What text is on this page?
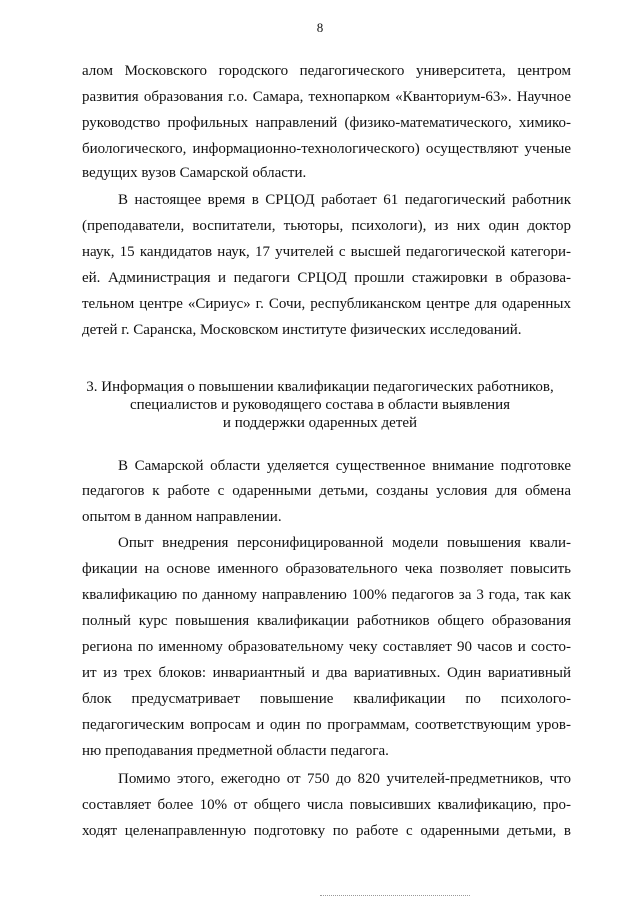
8
алом Московского городского педагогического университета, центром
развития образования г.о. Самара, технопарком «Кванториум-63». Научное
руководство профильных направлений (физико-математического, химико-
биологического, информационно-технологического) осуществляют ученые
ведущих вузов Самарской области.
В настоящее время в СРЦОД работает 61 педагогический работник
(преподаватели, воспитатели, тьюторы, психологи), из них один доктор
наук, 15 кандидатов наук, 17 учителей с высшей педагогической категори-
ей. Администрация и педагоги СРЦОД прошли стажировки в образова-
тельном центре «Сириус» г. Сочи, республиканском центре для одаренных
детей г. Саранска, Московском институте физических исследований.
3. Информация о повышении квалификации педагогических работников,
специалистов и руководящего состава в области выявления
и поддержки одаренных детей
В Самарской области уделяется существенное внимание подготовке
педагогов к работе с одаренными детьми, созданы условия для обмена
опытом в данном направлении.
Опыт внедрения персонифицированной модели повышения квали-
фикации на основе именного образовательного чека позволяет повысить
квалификацию по данному направлению 100% педагогов за 3 года, так как
полный курс повышения квалификации работников общего образования
региона по именному образовательному чеку составляет 90 часов и состо-
ит из трех блоков: инвариантный и два вариативных. Один вариативный
блок предусматривает повышение квалификации по психолого-
педагогическим вопросам и один по программам, соответствующим уров-
ню преподавания предметной области педагога.
Помимо этого, ежегодно от 750 до 820 учителей-предметников, что
составляет более 10% от общего числа повысивших квалификацию, про-
ходят целенаправленную подготовку по работе с одаренными детьми, в
